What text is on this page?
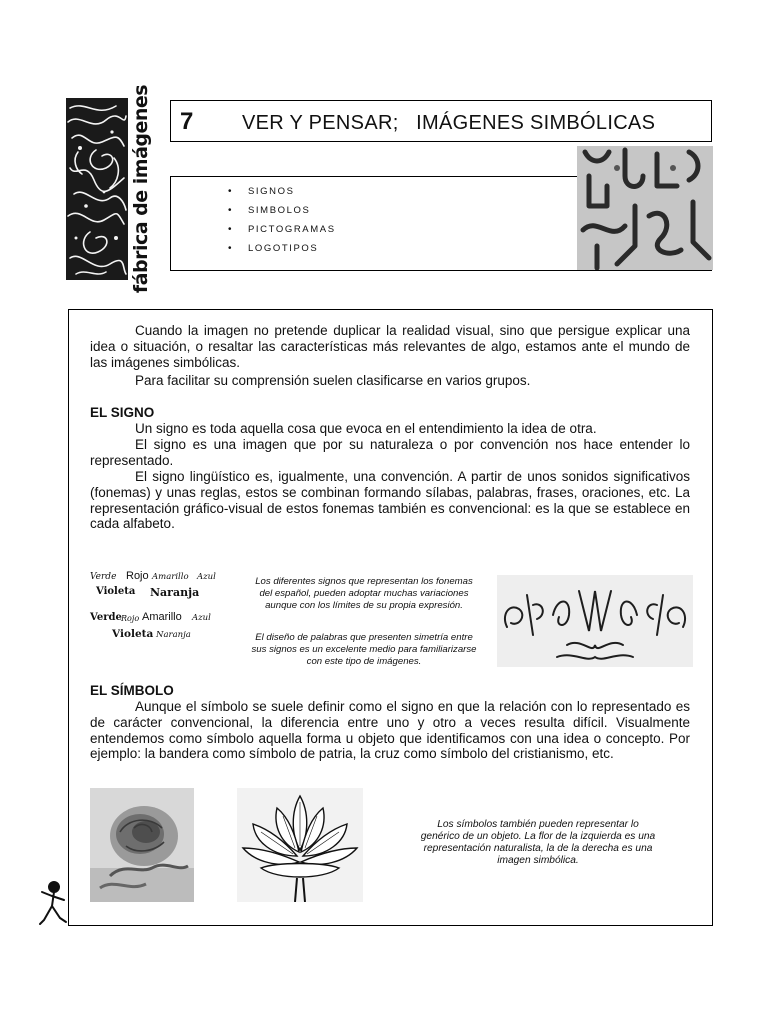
fábrica de imágenes 7 VER Y PENSAR;   IMÁGENES SIMBÓLICAS
• SIGNOS
• SIMBOLOS
• PICTOGRAMAS
• LOGOTIPOS
Cuando la imagen no pretende duplicar la realidad visual, sino que persigue explicar una idea o situación, o resaltar las características más relevantes de algo, estamos ante el mundo de las imágenes simbólicas.
Para facilitar su comprensión suelen clasificarse en varios grupos.
EL SIGNO
Un signo es toda aquella cosa que evoca en el entendimiento la idea de otra.
El signo es una imagen que por su naturaleza o por convención nos hace entender lo representado.
El signo lingüístico es, igualmente, una convención. A partir de unos sonidos significativos (fonemas) y unas reglas, estos se combinan formando sílabas, palabras, frases, oraciones, etc. La representación gráfico-visual de estos fonemas también es convencional: es la que se establece en cada alfabeto.
Verde Rojo Amarillo Azul
Violeta Naranja
Verde Rojo Amarillo Azul
Violeta Naranja
Los diferentes signos que representan los fonemas del español, pueden adoptar muchas variaciones aunque con los límites de su propia expresión.
El diseño de palabras que presenten simetría entre sus signos es un excelente medio para familiarizarse con este tipo de imágenes.
EL SÍMBOLO
Aunque el símbolo se suele definir como el signo en que la relación con lo representado es de carácter convencional, la diferencia entre uno y otro a veces resulta difícil. Visualmente entendemos como símbolo aquella forma u objeto que identificamos con una idea o concepto. Por ejemplo: la bandera como símbolo de patria, la cruz como símbolo del cristianismo, etc.
Los símbolos también pueden representar lo genérico de un objeto. La flor de la izquierda es una representación naturalista, la de la derecha es una imagen simbólica.
